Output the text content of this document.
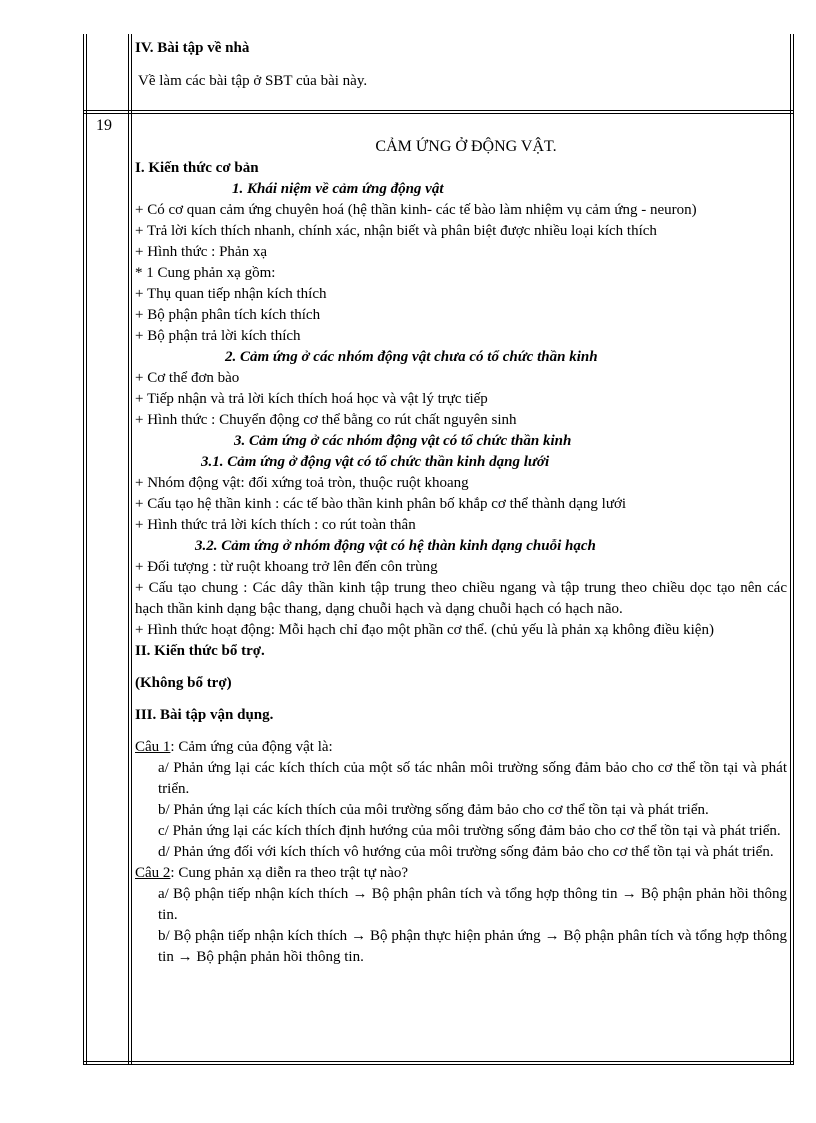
IV. Bài tập về nhà
Về làm các bài tập ở SBT của bài này.
19
CẢM ỨNG Ở ĐỘNG VẬT.
I. Kiến thức cơ bản
1. Khái niệm về cảm ứng động vật
+ Có cơ quan cảm ứng chuyên hoá (hệ thần kinh- các tế bào làm nhiệm vụ cảm ứng - neuron)
+ Trả lời kích thích nhanh, chính xác, nhận biết và phân biệt được nhiều loại kích thích
+ Hình thức : Phản xạ
* 1 Cung phản xạ gồm:
+ Thụ quan tiếp nhận kích thích
+ Bộ phận phân tích kích thích
+ Bộ phận trả lời kích thích
2. Cảm ứng ở các nhóm động vật chưa có tổ chức thần kinh
+ Cơ thể đơn bào
+ Tiếp nhận và trả lời kích thích hoá học và vật lý trực tiếp
+ Hình thức : Chuyển động cơ thể bằng co rút chất nguyên sinh
3. Cảm ứng ở các nhóm động vật có tổ chức thần kinh
3.1. Cảm ứng ở động vật có tổ chức thần kinh dạng lưới
+ Nhóm động vật: đối xứng toả tròn, thuộc ruột khoang
+ Cấu tạo hệ thần kinh : các tế bào thần kinh phân bố khắp cơ thể thành dạng lưới
+ Hình thức trả lời kích thích : co rút toàn thân
3.2. Cảm ứng ở nhóm động vật có hệ thàn kinh dạng chuỗi hạch
+ Đối tượng : từ ruột khoang trở lên đến côn trùng
+ Cấu tạo chung : Các dây thần kinh tập trung theo chiều ngang và tập trung theo chiều dọc tạo nên các hạch thần kinh dạng bậc thang, dạng chuỗi hạch và dạng chuỗi hạch có hạch não.
+ Hình thức hoạt động: Mỗi hạch chỉ đạo một phần cơ thể. (chủ yếu là phản xạ không điều kiện)
II. Kiến thức bổ trợ.
(Không bổ trợ)
III. Bài tập vận dụng.
Câu 1: Cảm ứng của động vật là:
a/ Phản ứng lại các kích thích của một số tác nhân môi trường sống đảm bảo cho cơ thể tồn tại và phát triển.
b/ Phản ứng lại các kích thích của môi trường sống đảm bảo cho cơ thể tồn tại và phát triển.
c/ Phản ứng lại các kích thích định hướng của môi trường sống đảm bảo cho cơ thể tồn tại và phát triển.
d/ Phản ứng đối với kích thích vô hướng của môi trường sống đảm bảo cho cơ thể tồn tại và phát triển.
Câu 2: Cung phản xạ diễn ra theo trật tự nào?
a/ Bộ phận tiếp nhận kích thích → Bộ phận phân tích và tổng hợp thông tin → Bộ phận phản hồi thông tin.
b/ Bộ phận tiếp nhận kích thích → Bộ phận thực hiện phản ứng → Bộ phận phân tích và tổng hợp thông tin → Bộ phận phản hồi thông tin.
